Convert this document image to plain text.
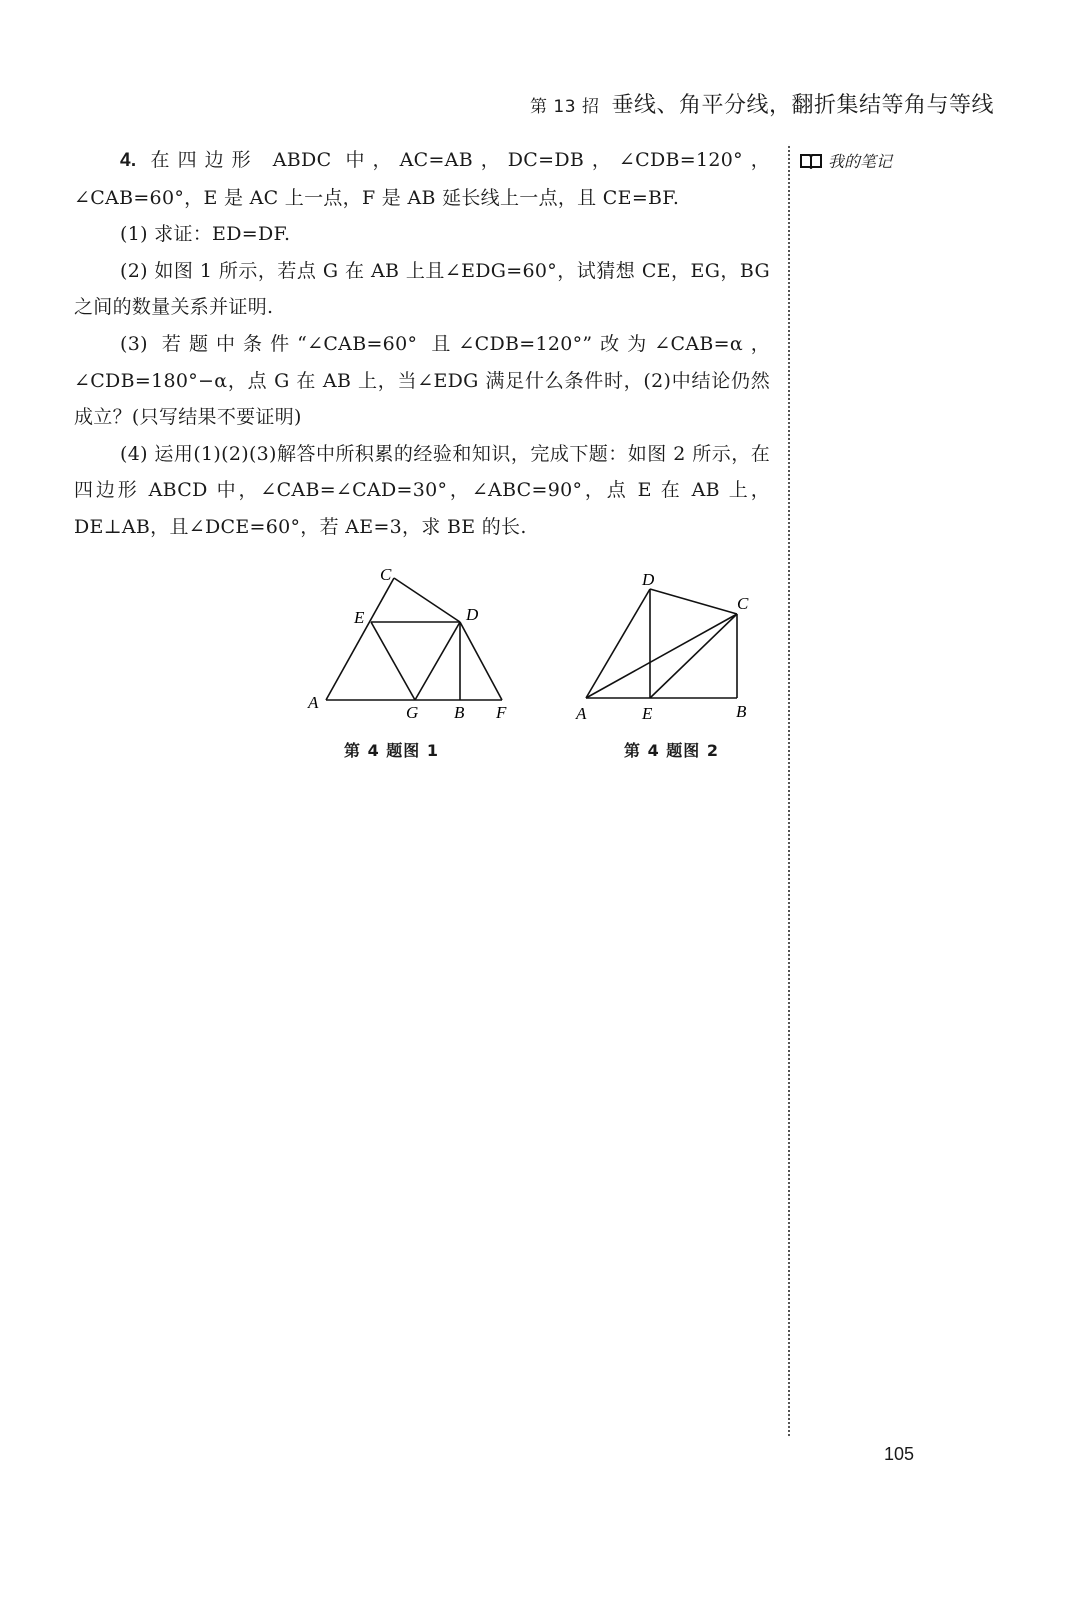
第 13 招 垂线、角平分线，翻折集结等角与等线

4. 在四边形 ABDC 中，AC=AB，DC=DB，∠CDB=120°，∠CAB=60°，E 是 AC 上一点，F 是 AB 延长线上一点，且 CE=BF.

(1) 求证：ED=DF.

(2) 如图 1 所示，若点 G 在 AB 上且∠EDG=60°，试猜想 CE，EG，BG 之间的数量关系并证明.

(3) 若题中条件“∠CAB=60° 且∠CDB=120°”改为∠CAB=α，∠CDB=180°−α，点 G 在 AB 上，当∠EDG 满足什么条件时，(2)中结论仍然成立？(只写结果不要证明)

(4) 运用(1)(2)(3)解答中所积累的经验和知识，完成下题：如图 2 所示，在四边形 ABCD 中，∠CAB=∠CAD=30°，∠ABC=90°，点 E 在 AB 上，DE⊥AB，且∠DCE=60°，若 AE=3，求 BE 的长.

我的笔记
A
C
E	D
G B F
第 4 题图 1
D
C
A	E	B
第 4 题图 2
105
